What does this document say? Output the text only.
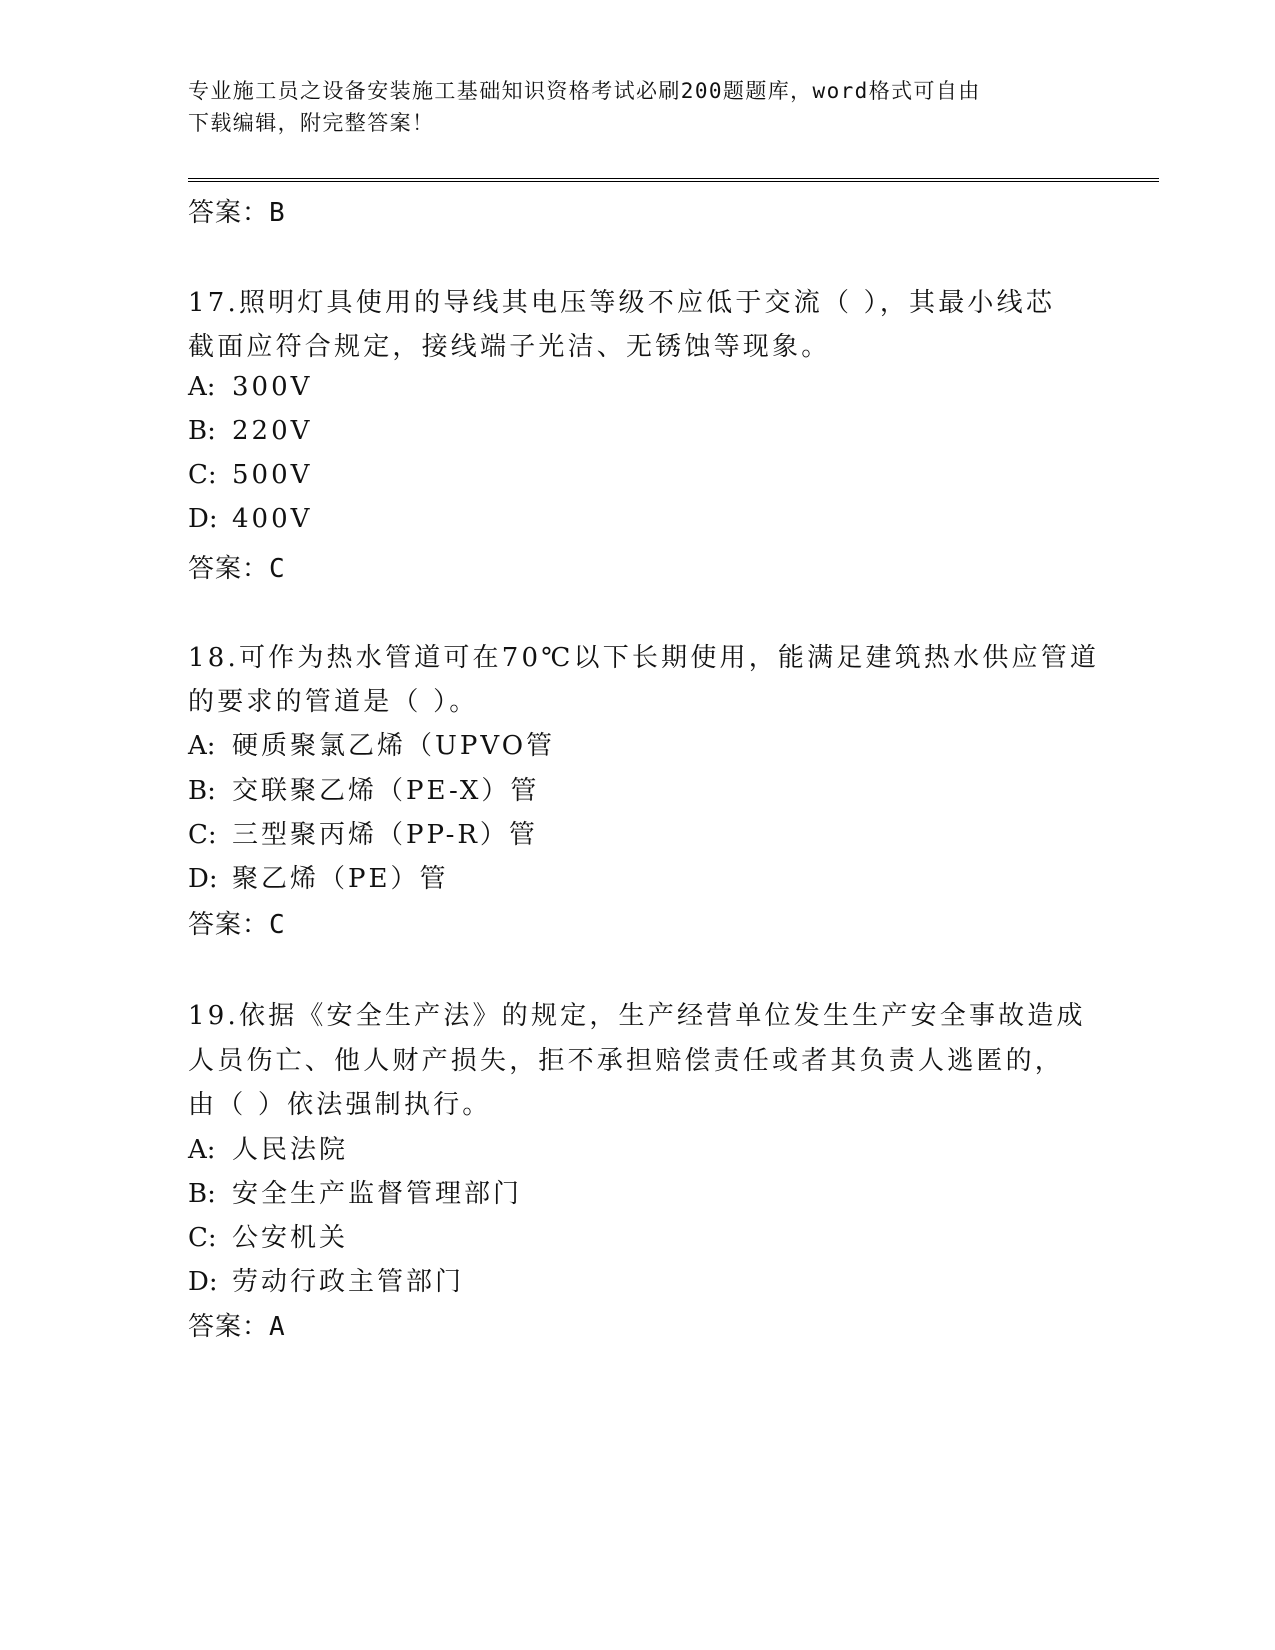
专业施工员之设备安装施工基础知识资格考试必刷200题题库，word格式可自由
下载编辑，附完整答案！
答案：B
17.照明灯具使用的导线其电压等级不应低于交流（ ），其最小线芯
截面应符合规定，接线端子光洁、无锈蚀等现象。
A: 300V
B: 220V
C: 500V
D: 400V
答案：C
18.可作为热水管道可在70℃以下长期使用，能满足建筑热水供应管道
的要求的管道是（ ）。
A: 硬质聚氯乙烯（UPVO管
B: 交联聚乙烯（PE-X）管
C: 三型聚丙烯（PP-R）管
D: 聚乙烯（PE）管
答案：C
19.依据《安全生产法》的规定，生产经营单位发生生产安全事故造成
人员伤亡、他人财产损失，拒不承担赔偿责任或者其负责人逃匿的，
由（ ）依法强制执行。
A: 人民法院
B: 安全生产监督管理部门
C: 公安机关
D: 劳动行政主管部门
答案：A
